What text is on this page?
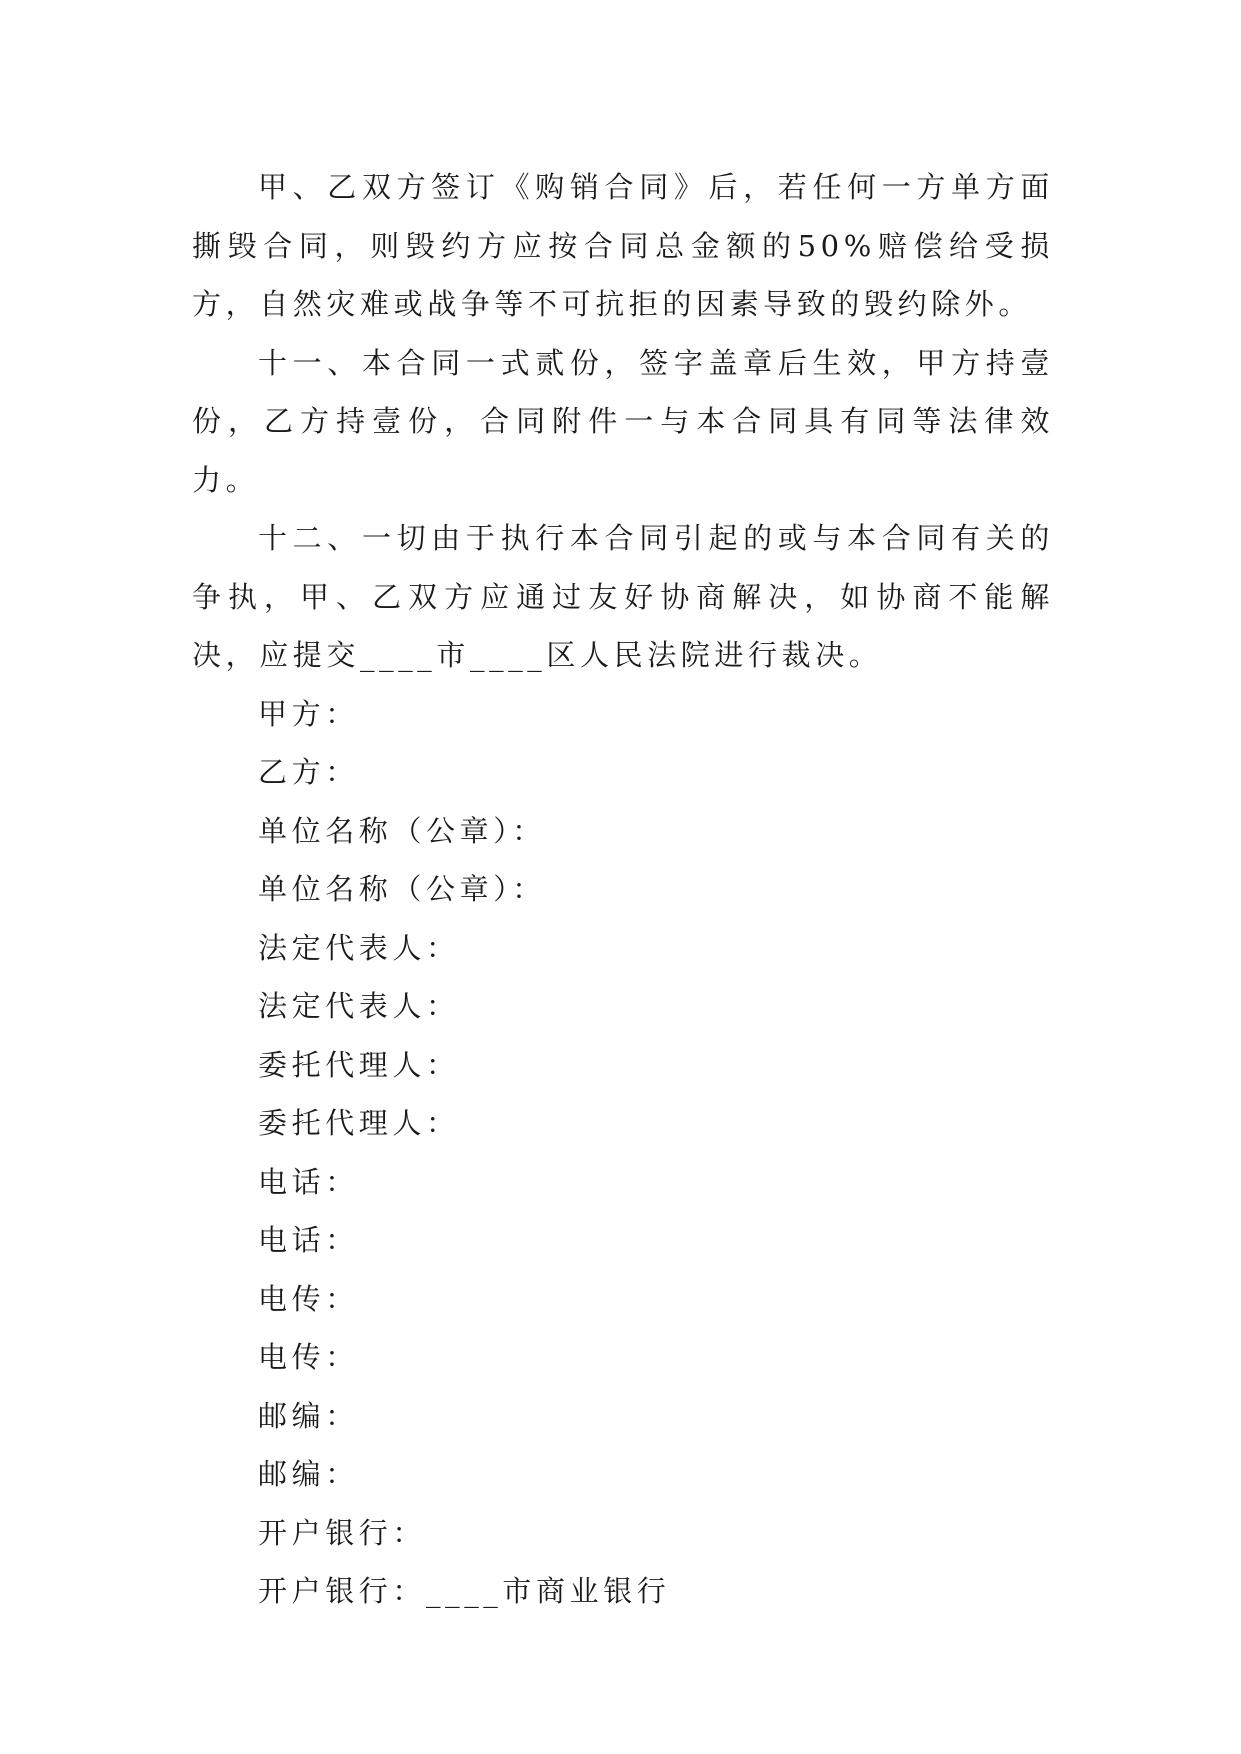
甲、乙双方签订《购销合同》后，若任何一方单方面撕毁合同，则毁约方应按合同总金额的50%赔偿给受损方，自然灾难或战争等不可抗拒的因素导致的毁约除外。

十一、本合同一式贰份，签字盖章后生效，甲方持壹份，乙方持壹份，合同附件一与本合同具有同等法律效力。

十二、一切由于执行本合同引起的或与本合同有关的争执，甲、乙双方应通过友好协商解决，如协商不能解决，应提交____市____区人民法院进行裁决。

甲方：

乙方：

单位名称（公章）：

单位名称（公章）：

法定代表人：

法定代表人：

委托代理人：

委托代理人：

电话：

电话：

电传：

电传：

邮编：

邮编：

开户银行：

开户银行：____市商业银行
